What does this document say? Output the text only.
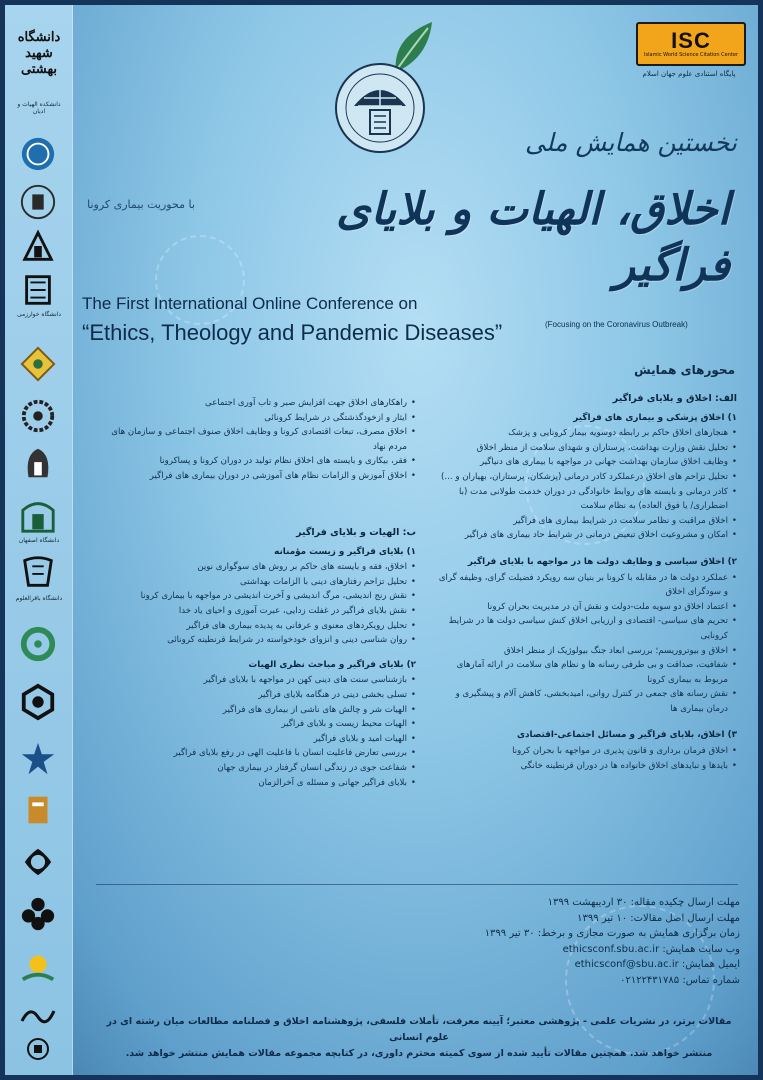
دانشگاه شهید بهشتی
دانشکده الهیات و ادیان
دانشگاه خوارزمی
دانشگاه اصفهان
دانشگاه باقرالعلوم
ISC
Islamic World Science Citation Center
پایگاه استنادی علوم جهان اسلام
نخستین همایش ملی
اخلاق، الهیات و بلایای فراگیر
با محوریت بیماری کرونا
The First International Online Conference on
“Ethics, Theology and Pandemic Diseases”	(Focusing on the Coronavirus Outbreak)
محورهای همایش
الف: اخلاق و بلایای فراگیر
۱) اخلاق پزشکی و بیماری های فراگیر
• هنجارهای اخلاق حاکم بر رابطه دوسویه بیمار کرونایی و پزشک
• تحلیل نقش وزارت بهداشت، پرستاران و شهدای سلامت از منظر اخلاق
• وظایف اخلاق سازمان بهداشت جهانی در مواجهه با بیماری های دنیاگیر
• تحلیل تزاحم های اخلاق درعملکرد کادر درمانی (پزشکان، پرستاران، بهیاران و ...)
• کادر درمانی و بایسته های روابط خانوادگی در دوران خدمت طولانی مدت (با اضطراری/ یا فوق العاده) به نظام سلامت
• اخلاق مراقبت و نظامر سلامت در شرایط بیماری های فراگیر
• امکان و مشروعیت اخلاق تبعیض درمانی در شرایط حاد بیماری های فراگیر
۲) اخلاق سیاسی و وظایف دولت ها در مواجهه با بلایای فراگیر
• عملکرد دولت ها در مقابله با کرونا بر بنیان سه رویکرد فضیلت گرای، وظیفه گرای و سودگرای اخلاق
• اعتماد اخلاق دو سویه ملت-دولت و نقش آن در مدیریت بحران کرونا
• تحریم های سیاسی- اقتصادی و ارزیابی اخلاق کنش سیاسی دولت ها در شرایط کرونایی
• اخلاق و بیوتروریسم؛ بررسی ابعاد جنگ بیولوژیک از منظر اخلاق
• شفافیت، صداقت و بی طرفی رسانه ها و نظام های سلامت در ارائه آمارهای مربوط به بیماری کرونا
• نقش رسانه های جمعی در کنترل روانی، امیدبخشی، کاهش آلام و پیشگیری و درمان بیماری ها
۳) اخلاق، بلایای فراگیر و مسائل اجتماعی-اقتصادی
• اخلاق فرمان برداری و قانون پذیری در مواجهه با بحران کرونا
• بایدها و نبایدهای اخلاق خانواده ها در دوران قرنطینه خانگی
• راهکارهای اخلاق جهت افزایش صبر و تاب آوری اجتماعی
• ایثار و ازخودگذشتگی در شرایط کرونائی
• اخلاق مصرف، تبعات اقتصادی کرونا و وظایف اخلاق صنوف اجتماعی و سازمان های مردم نهاد
• فقر، بیکاری و بایسته های اخلاق نظام تولید در دوران کرونا و پساکرونا
• اخلاق آموزش و الزامات نظام های آموزشی در دوران بیماری های فراگیر
ب: الهیات و بلایای فراگیر
۱) بلایای فراگیر و زیست مؤمنانه
• اخلاق، فقه و بایسته های حاکم بر روش های سوگواری نوین
• تحلیل تزاحم رفتارهای دینی با الزامات بهداشتی
• نقش رنج اندیشی، مرگ اندیشی و آخرت اندیشی در مواجهه با بیماری کرونا
• نقش بلایای فراگیر در غفلت زدایی، عبرت آموزی و احیای یاد خدا
• تحلیل رویکردهای معنوی و عرفانی به پدیده بیماری های فراگیر
• روان شناسی دینی و انزوای خودخواسته در شرایط قرنطینه کرونائی
۲) بلایای فراگیر و مباحث نظری الهیات
• بازشناسی سنت های دینی کهن در مواجهه با بلایای فراگیر
• تسلی بخشی دینی در هنگامه بلایای فراگیر
• الهیات شر و چالش های ناشی از بیماری های فراگیر
• الهیات محیط زیست و بلایای فراگیر
• الهیات امید و بلایای فراگیر
• بررسی تعارض فاعلیت انسان با فاعلیت الهی در رفع بلایای فراگیر
• شفاعت جوی در زندگی انسان گرفتار در بیماری جهان
• بلایای فراگیر جهانی و مسئله ی آخرالزمان
مهلت ارسال چکیده مقاله: ۳۰ اردیبهشت ۱۳۹۹
مهلت ارسال اصل مقالات: ۱۰ تیر ۱۳۹۹
زمان برگزاری همایش به صورت مجازی و برخط: ۳۰ تیر ۱۳۹۹
وب سایت همایش: ethicsconf.sbu.ac.ir
ایمیل همایش: ethicsconf@sbu.ac.ir
شماره تماس: ۰۲۱۲۲۴۳۱۷۸۵
مقالات برتر، در نشریات علمی - پژوهشی معتبر؛ آیینه معرفت، تأملات فلسفی، پژوهشنامه اخلاق و فصلنامه مطالعات میان رشته ای در علوم انسانی
منتشر خواهد شد. همچنین مقالات تأیید شده از سوی کمیته محترم داوری، در کتابچه مجموعه مقالات همایش منتشر خواهد شد.
